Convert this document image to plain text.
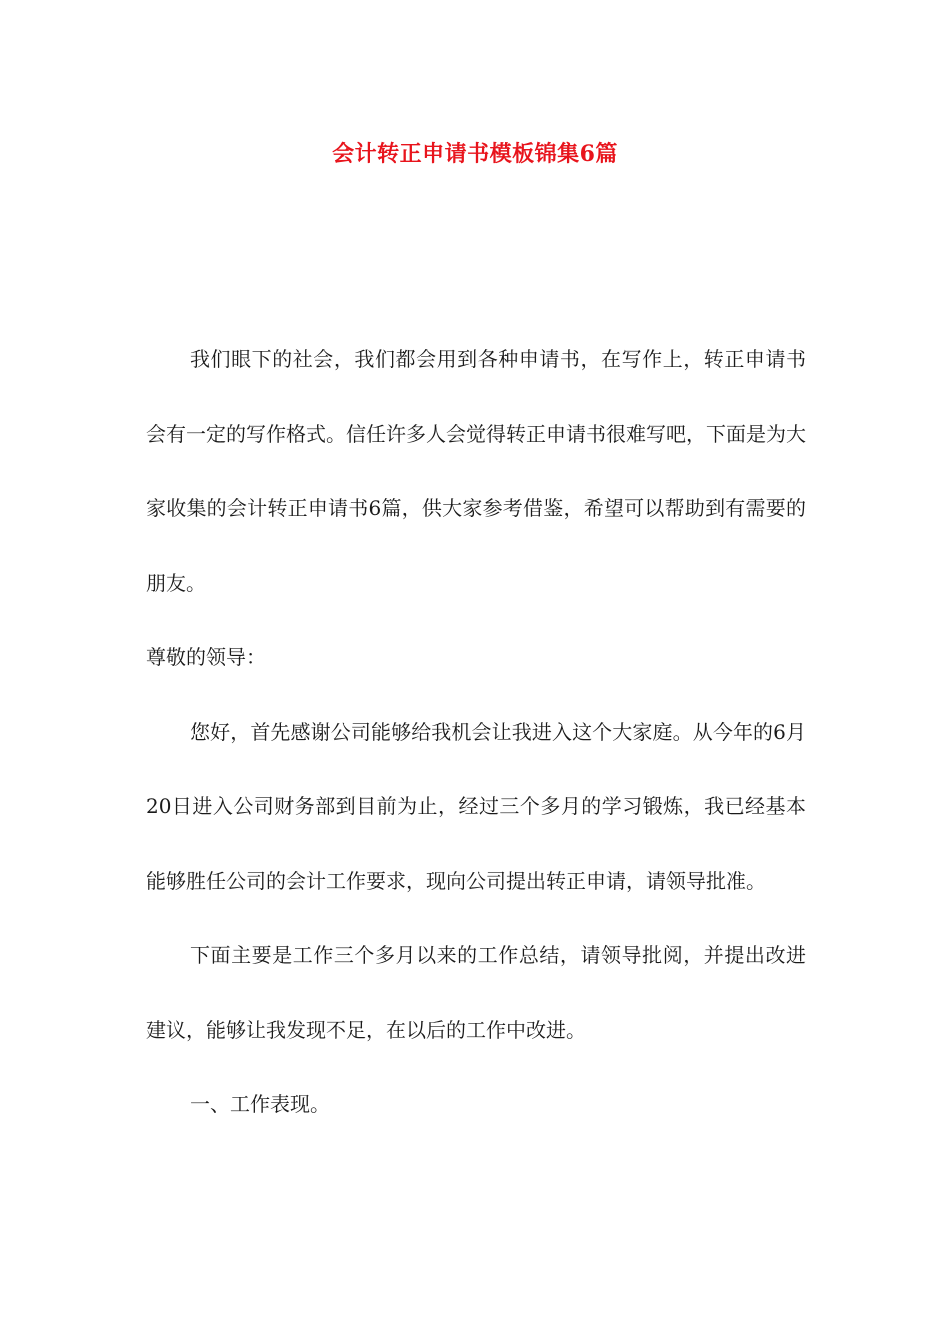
会计转正申请书模板锦集6篇

我们眼下的社会，我们都会用到各种申请书，在写作上，转正申请书会有一定的写作格式。信任许多人会觉得转正申请书很难写吧，下面是为大家收集的会计转正申请书6篇，供大家参考借鉴，希望可以帮助到有需要的朋友。

尊敬的领导：

您好，首先感谢公司能够给我机会让我进入这个大家庭。从今年的6月20日进入公司财务部到目前为止，经过三个多月的学习锻炼，我已经基本能够胜任公司的会计工作要求，现向公司提出转正申请，请领导批准。

下面主要是工作三个多月以来的工作总结，请领导批阅，并提出改进建议，能够让我发现不足，在以后的工作中改进。

一、工作表现。
